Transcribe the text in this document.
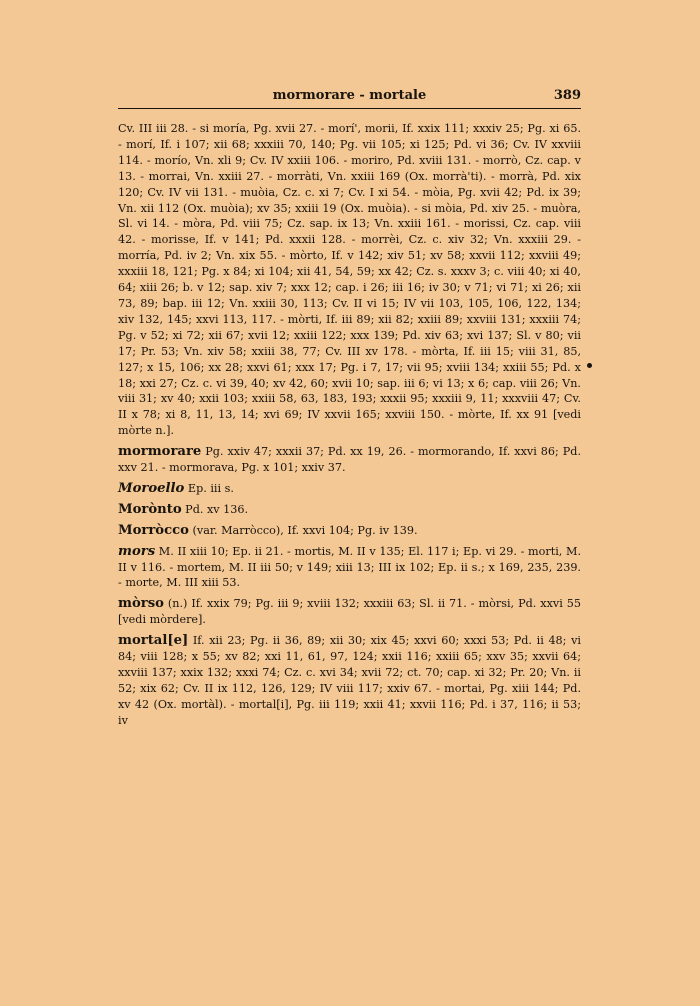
mormorare - mortale	389

Cv. III iii 28. - si moría, Pg. xvii 27. - morí', morii, If. xxix 111; xxxiv 25; Pg. xi 65. - morí, If. i 107; xii 68; xxxiii 70, 140; Pg. vii 105; xi 125; Pd. vi 36; Cv. IV xxviii 114. - morío, Vn. xli 9; Cv. IV xxiii 106. - moriro, Pd. xviii 131. - morrò, Cz. cap. v 13. - morrai, Vn. xxiii 27. - morràti, Vn. xxiii 169 (Ox. morrà'ti). - morrà, Pd. xix 120; Cv. IV vii 131. - muòia, Cz. c. xi 7; Cv. I xi 54. - mòia, Pg. xvii 42; Pd. ix 39; Vn. xii 112 (Ox. muòia); xv 35; xxiii 19 (Ox. muòia). - si mòia, Pd. xiv 25. - muòra, Sl. vi 14. - mòra, Pd. viii 75; Cz. sap. ix 13; Vn. xxiii 161. - morissi, Cz. cap. viii 42. - morisse, If. v 141; Pd. xxxii 128. - morrèi, Cz. c. xiv 32; Vn. xxxiii 29. - morría, Pd. iv 2; Vn. xix 55. - mòrto, If. v 142; xiv 51; xv 58; xxvii 112; xxviii 49; xxxiii 18, 121; Pg. x 84; xi 104; xii 41, 54, 59; xx 42; Cz. s. xxxv 3; c. viii 40; xi 40, 64; xiii 26; b. v 12; sap. xiv 7; xxx 12; cap. i 26; iii 16; iv 30; v 71; vi 71; xi 26; xii 73, 89; bap. iii 12; Vn. xxiii 30, 113; Cv. II vi 15; IV vii 103, 105, 106, 122, 134; xiv 132, 145; xxvi 113, 117. - mòrti, If. iii 89; xii 82; xxiii 89; xxviii 131; xxxiii 74; Pg. v 52; xi 72; xii 67; xvii 12; xxiii 122; xxx 139; Pd. xiv 63; xvi 137; Sl. v 80; vii 17; Pr. 53; Vn. xiv 58; xxiii 38, 77; Cv. III xv 178. - mòrta, If. iii 15; viii 31, 85, 127; x 15, 106; xx 28; xxvi 61; xxx 17; Pg. i 7, 17; vii 95; xviii 134; xxiii 55; Pd. x 18; xxi 27; Cz. c. vi 39, 40; xv 42, 60; xvii 10; sap. iii 6; vi 13; x 6; cap. viii 26; Vn. viii 31; xv 40; xxii 103; xxiii 58, 63, 183, 193; xxxii 95; xxxiii 9, 11; xxxviii 47; Cv. II x 78; xi 8, 11, 13, 14; xvi 69; IV xxvii 165; xxviii 150. - mòrte, If. xx 91 [vedi mòrte n.].

mormorare Pg. xxiv 47; xxxii 37; Pd. xx 19, 26. - mormorando, If. xxvi 86; Pd. xxv 21. - mormorava, Pg. x 101; xxiv 37.

Moroello Ep. iii s.

Morònto Pd. xv 136.

Morròcco (var. Marròcco), If. xxvi 104; Pg. iv 139.

mors M. II xiii 10; Ep. ii 21. - mortis, M. II v 135; El. 117 i; Ep. vi 29. - morti, M. II v 116. - mortem, M. II iii 50; v 149; xiii 13; III ix 102; Ep. ii s.; x 169, 235, 239. - morte, M. III xiii 53.

mòrso (n.) If. xxix 79; Pg. iii 9; xviii 132; xxxiii 63; Sl. ii 71. - mòrsi, Pd. xxvi 55 [vedi mòrdere].

mortal[e] If. xii 23; Pg. ii 36, 89; xii 30; xix 45; xxvi 60; xxxi 53; Pd. ii 48; vi 84; viii 128; x 55; xv 82; xxi 11, 61, 97, 124; xxii 116; xxiii 65; xxv 35; xxvii 64; xxviii 137; xxix 132; xxxi 74; Cz. c. xvi 34; xvii 72; ct. 70; cap. xi 32; Pr. 20; Vn. ii 52; xix 62; Cv. II ix 112, 126, 129; IV viii 117; xxiv 67. - mortai, Pg. xiii 144; Pd. xv 42 (Ox. mortàl). - mortal[i], Pg. iii 119; xxii 41; xxvii 116; Pd. i 37, 116; ii 53; iv
